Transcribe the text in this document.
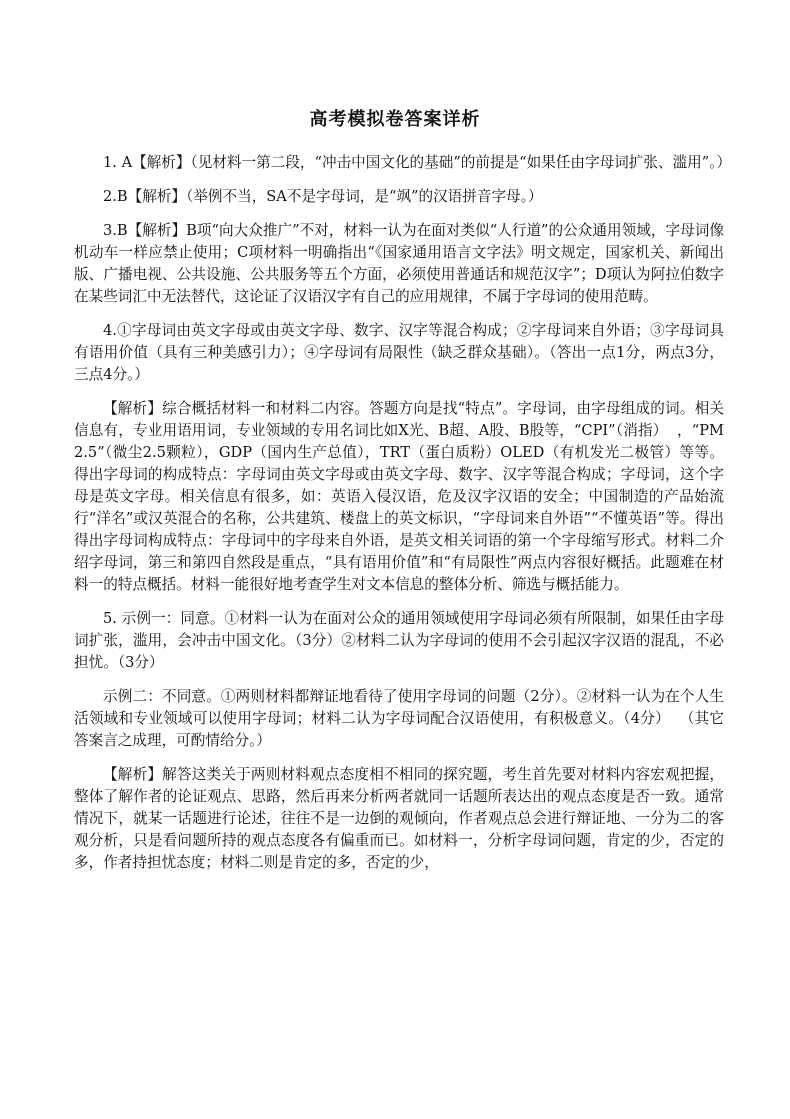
高考模拟卷答案详析

1. A【解析】（见材料一第二段，“冲击中国文化的基础”的前提是“如果任由字母词扩张、滥用”。）

2.B【解析】（举例不当，SA不是字母词，是“飒”的汉语拼音字母。）

3.B【解析】B项“向大众推广”不对，材料一认为在面对类似“人行道”的公众通用领域，字母词像机动车一样应禁止使用；C项材料一明确指出“《国家通用语言文字法》明文规定，国家机关、新闻出版、广播电视、公共设施、公共服务等五个方面，必须使用普通话和规范汉字”；D项认为阿拉伯数字在某些词汇中无法替代，这论证了汉语汉字有自己的应用规律，不属于字母词的使用范畴。

4.①字母词由英文字母或由英文字母、数字、汉字等混合构成；②字母词来自外语；③字母词具有语用价值（具有三种美感引力）；④字母词有局限性（缺乏群众基础）。（答出一点1分，两点3分，三点4分。）

【解析】综合概括材料一和材料二内容。答题方向是找“特点”。字母词，由字母组成的词。相关信息有，专业用语用词，专业领域的专用名词比如X光、B超、A股、B股等，“CPI”（消指）  ，“PM2.5”（微尘2.5颗粒），GDP（国内生产总值），TRT（蛋白质粉）OLED（有机发光二极管）等等。得出字母词的构成特点：字母词由英文字母或由英文字母、数字、汉字等混合构成；字母词，这个字母是英文字母。相关信息有很多，如：英语入侵汉语，危及汉字汉语的安全；中国制造的产品始流行“洋名”或汉英混合的名称，公共建筑、楼盘上的英文标识，“字母词来自外语”“不懂英语”等。得出得出字母词构成特点：字母词中的字母来自外语，是英文相关词语的第一个字母缩写形式。材料二介绍字母词，第三和第四自然段是重点，“具有语用价值”和“有局限性”两点内容很好概括。此题难在材料一的特点概括。材料一能很好地考查学生对文本信息的整体分析、筛选与概括能力。

5. 示例一：同意。①材料一认为在面对公众的通用领域使用字母词必须有所限制，如果任由字母词扩张，滥用，会冲击中国文化。（3分）②材料二认为字母词的使用不会引起汉字汉语的混乱，不必担忧。（3分）

示例二：不同意。①两则材料都辩证地看待了使用字母词的问题（2分）。②材料一认为在个人生活领域和专业领域可以使用字母词；材料二认为字母词配合汉语使用，有积极意义。（4分）  （其它答案言之成理，可酌情给分。）

【解析】解答这类关于两则材料观点态度相不相同的探究题，考生首先要对材料内容宏观把握，整体了解作者的论证观点、思路，然后再来分析两者就同一话题所表达出的观点态度是否一致。通常情况下，就某一话题进行论述，往往不是一边倒的观倾向，作者观点总会进行辩证地、一分为二的客观分析，只是看问题所持的观点态度各有偏重而已。如材料一，分析字母词问题，肯定的少，否定的多，作者持担忧态度；材料二则是肯定的多，否定的少，
